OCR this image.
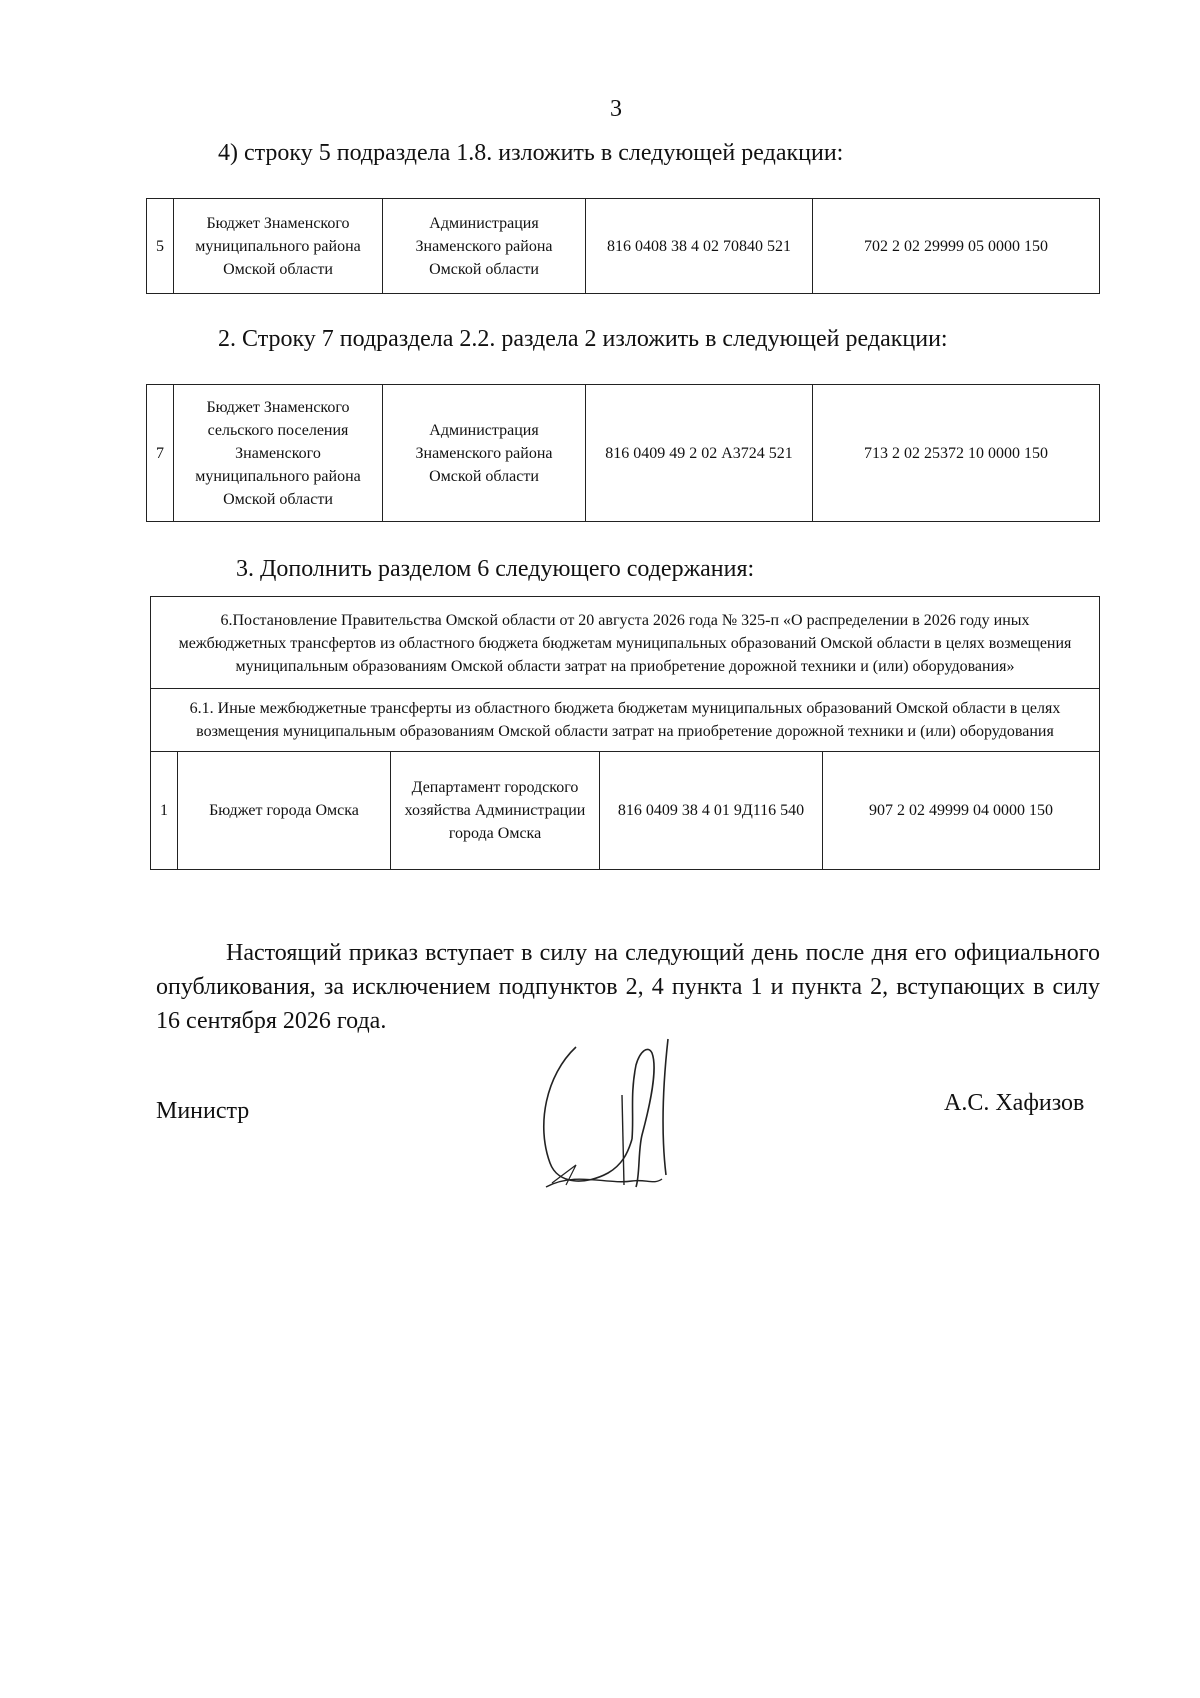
3
4) строку 5 подраздела 1.8. изложить в следующей редакции:
5	Бюджет Знаменского муниципального района Омской области	Администрация Знаменского района Омской области	816 0408 38 4 02 70840 521	702 2 02 29999 05 0000 150
2. Строку 7 подраздела 2.2. раздела 2 изложить в следующей редакции:
7	Бюджет Знаменского сельского поселения Знаменского муниципального района Омской области	Администрация Знаменского района Омской области	816 0409 49 2 02 А3724 521	713 2 02 25372 10 0000 150
3. Дополнить разделом 6 следующего содержания:
6.Постановление Правительства Омской области от 20 августа 2026 года № 325-п «О распределении в 2026 году иных межбюджетных трансфертов из областного бюджета бюджетам муниципальных образований Омской области в целях возмещения муниципальным образованиям Омской области затрат на приобретение дорожной техники и (или) оборудования»
6.1. Иные межбюджетные трансферты из областного бюджета бюджетам муниципальных образований Омской области в целях возмещения муниципальным образованиям Омской области затрат на приобретение дорожной техники и (или) оборудования
1	Бюджет города Омска	Департамент городского хозяйства Администрации города Омска	816 0409 38 4 01 9Д116 540	907 2 02 49999 04 0000 150
Настоящий приказ вступает в силу на следующий день после дня его официального опубликования, за исключением подпунктов 2, 4 пункта 1 и пункта 2, вступающих в силу 16 сентября 2026 года.
Министр	А.С. Хафизов
